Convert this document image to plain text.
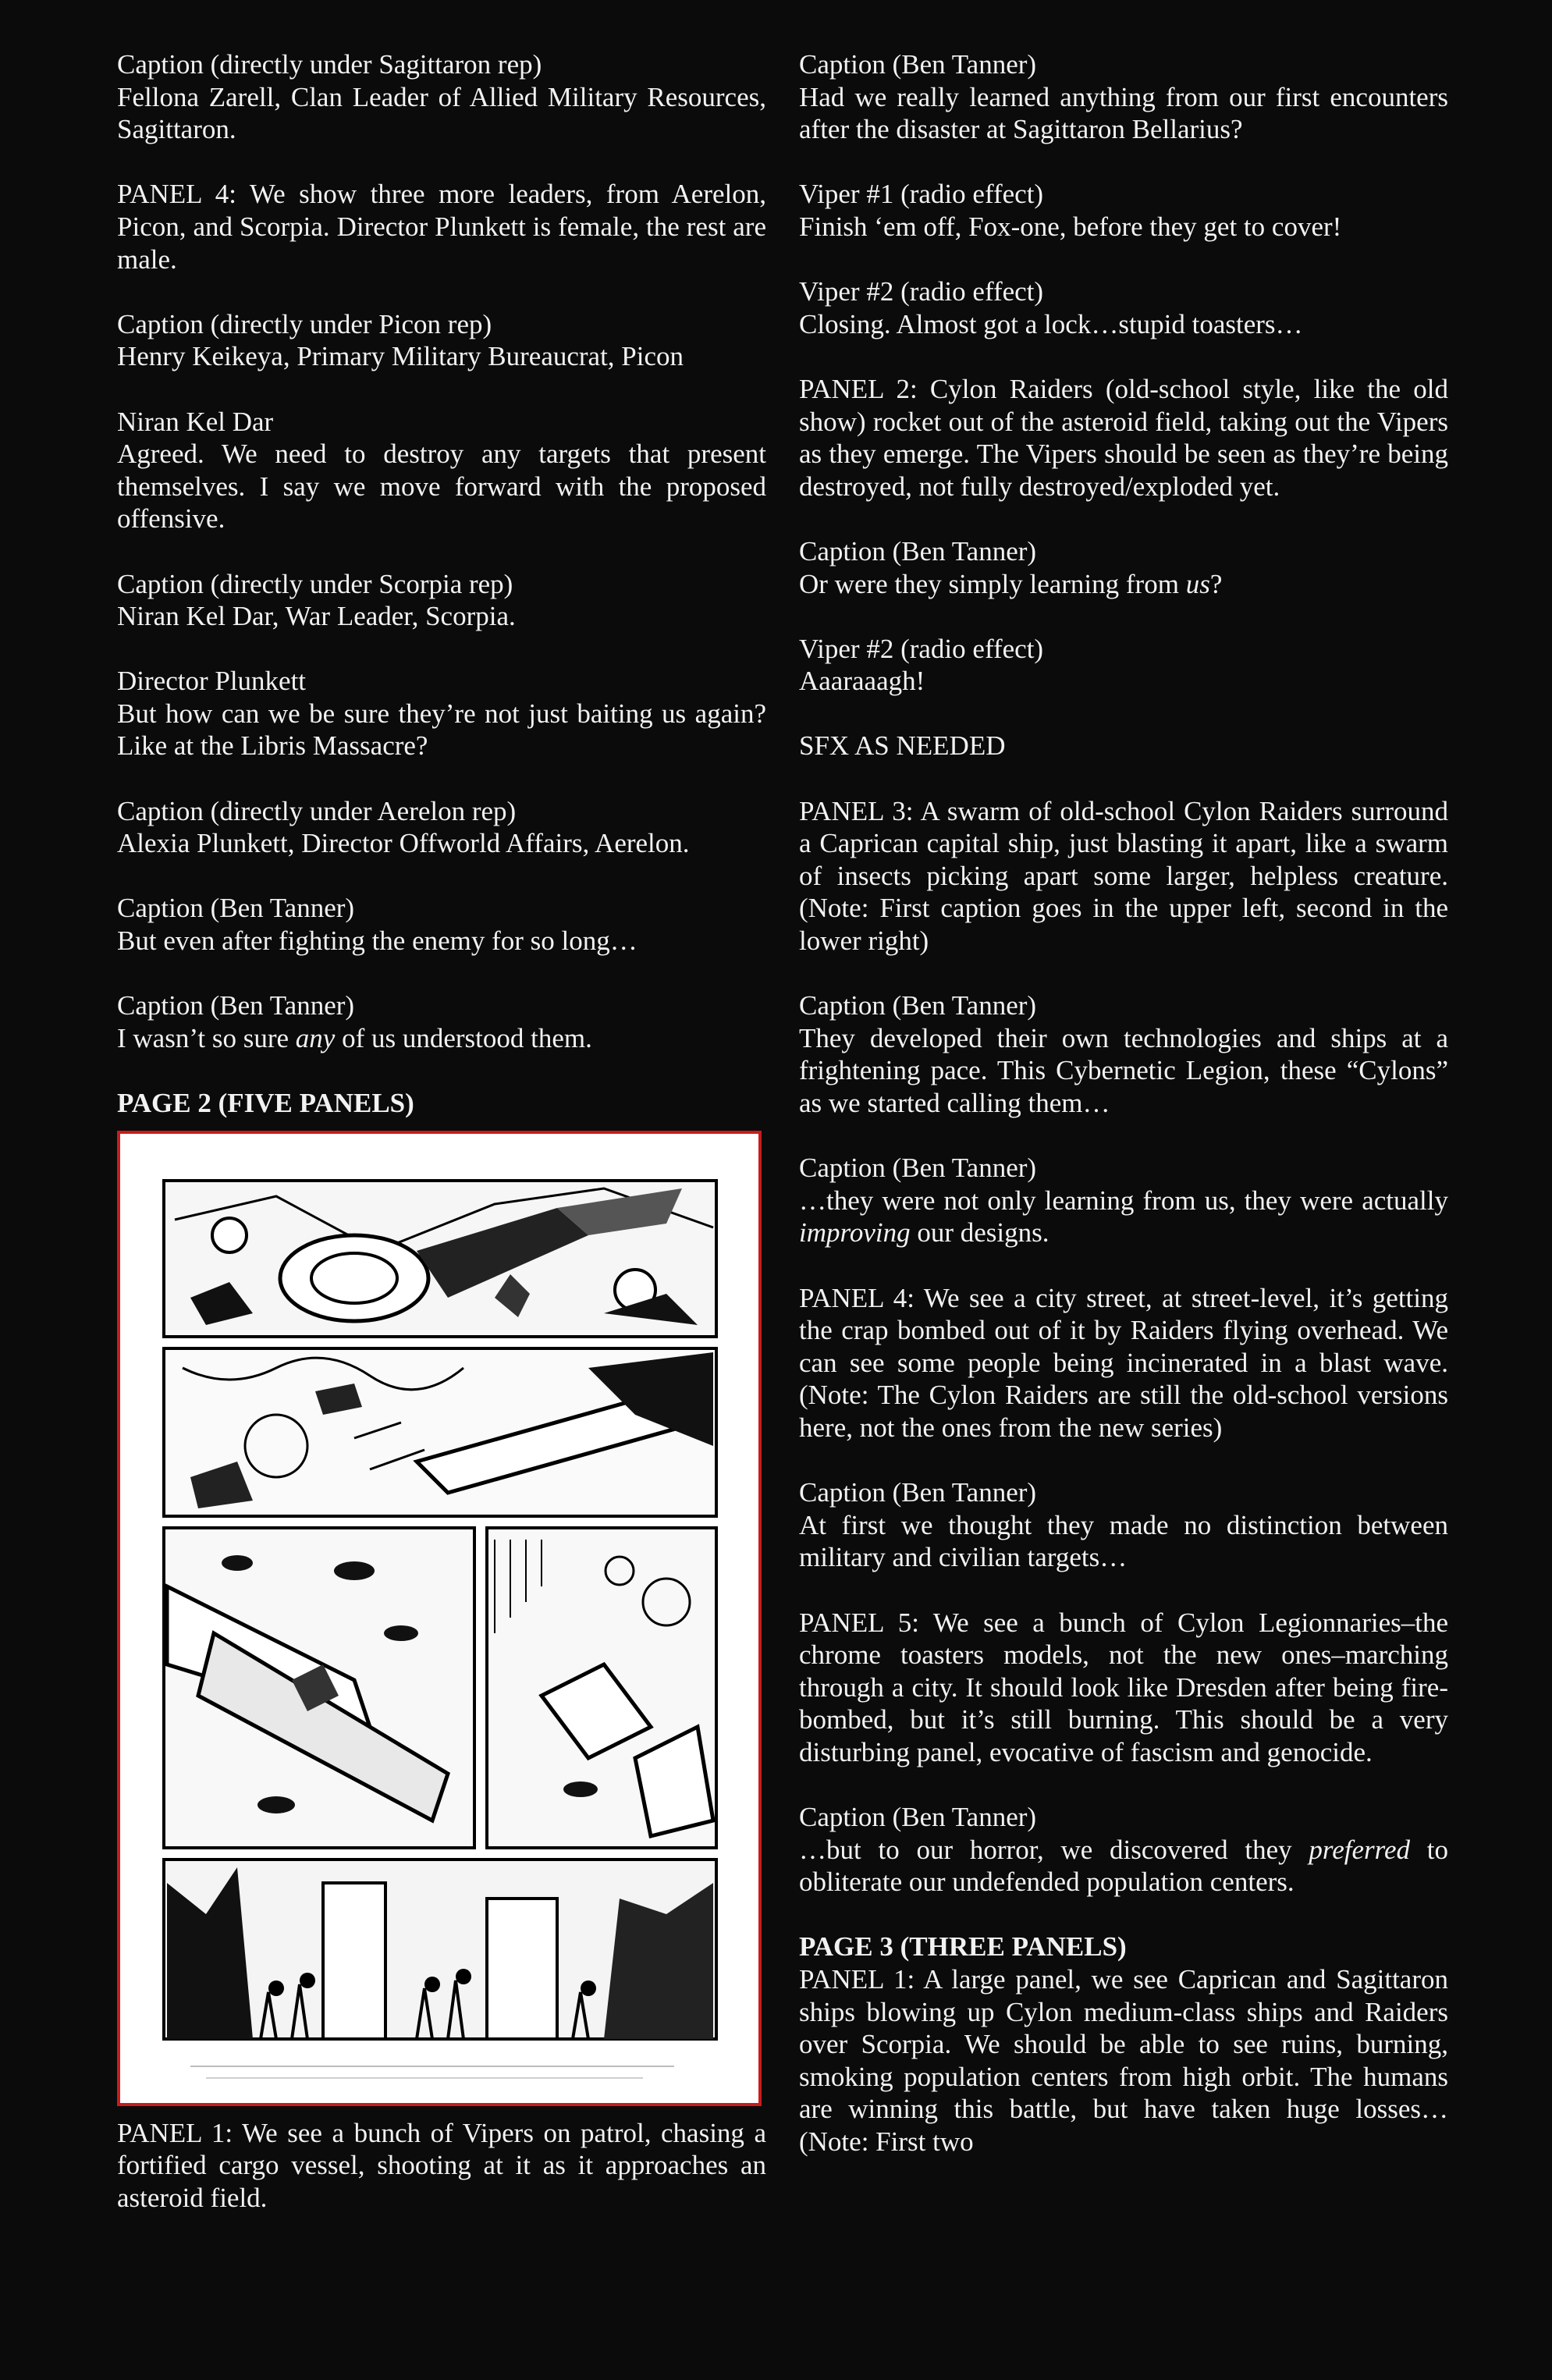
Caption (directly under Sagittaron rep)
Fellona Zarell, Clan Leader of Allied Military Resources, Sagittaron.
PANEL 4: We show three more leaders, from Aerelon, Picon, and Scorpia. Director Plunkett is female, the rest are male.
Caption (directly under Picon rep)
Henry Keikeya, Primary Military Bureaucrat, Picon
Niran Kel Dar
Agreed. We need to destroy any targets that present themselves. I say we move forward with the proposed offensive.
Caption (directly under Scorpia rep)
Niran Kel Dar, War Leader, Scorpia.
Director Plunkett
But how can we be sure they’re not just baiting us again? Like at the Libris Massacre?
Caption (directly under Aerelon rep)
Alexia Plunkett, Director Offworld Affairs, Aerelon.
Caption (Ben Tanner)
But even after fighting the enemy for so long…
Caption (Ben Tanner)
I wasn’t so sure any of us understood them.
PAGE 2 (FIVE PANELS)
PANEL 1: We see a bunch of Vipers on patrol, chasing a fortified cargo vessel, shooting at it as it approaches an asteroid field.
Caption (Ben Tanner)
Had we really learned anything from our first encounters after the disaster at Sagittaron Bellarius?
Viper #1 (radio effect)
Finish ‘em off, Fox-one, before they get to cover!
Viper #2 (radio effect)
Closing. Almost got a lock…stupid toasters…
PANEL 2: Cylon Raiders (old-school style, like the old show) rocket out of the asteroid field, taking out the Vipers as they emerge. The Vipers should be seen as they’re being destroyed, not fully destroyed/exploded yet.
Caption (Ben Tanner)
Or were they simply learning from us?
Viper #2 (radio effect)
Aaaraaagh!
SFX AS NEEDED
PANEL 3: A swarm of old-school Cylon Raiders surround a Caprican capital ship, just blasting it apart, like a swarm of insects picking apart some larger, helpless creature. (Note: First caption goes in the upper left, second in the lower right)
Caption (Ben Tanner)
They developed their own technologies and ships at a frightening pace. This Cybernetic Legion, these “Cylons” as we started calling them…
Caption (Ben Tanner)
…they were not only learning from us, they were actually improving our designs.
PANEL 4: We see a city street, at street-level, it’s getting the crap bombed out of it by Raiders flying overhead. We can see some people being incinerated in a blast wave. (Note: The Cylon Raiders are still the old-school versions here, not the ones from the new series)
Caption (Ben Tanner)
At first we thought they made no distinction between military and civilian targets…
PANEL 5: We see a bunch of Cylon Legionnaries–the chrome toasters models, not the new ones–marching through a city. It should look like Dresden after being fire-bombed, but it’s still burning. This should be a very disturbing panel, evocative of fascism and genocide.
Caption (Ben Tanner)
…but to our horror, we discovered they preferred to obliterate our undefended population centers.
PAGE 3 (THREE PANELS)
PANEL 1: A large panel, we see Caprican and Sagittaron ships blowing up Cylon medium-class ships and Raiders over Scorpia. We should be able to see ruins, burning, smoking population centers from high orbit. The humans are winning this battle, but have taken huge losses… (Note: First two
